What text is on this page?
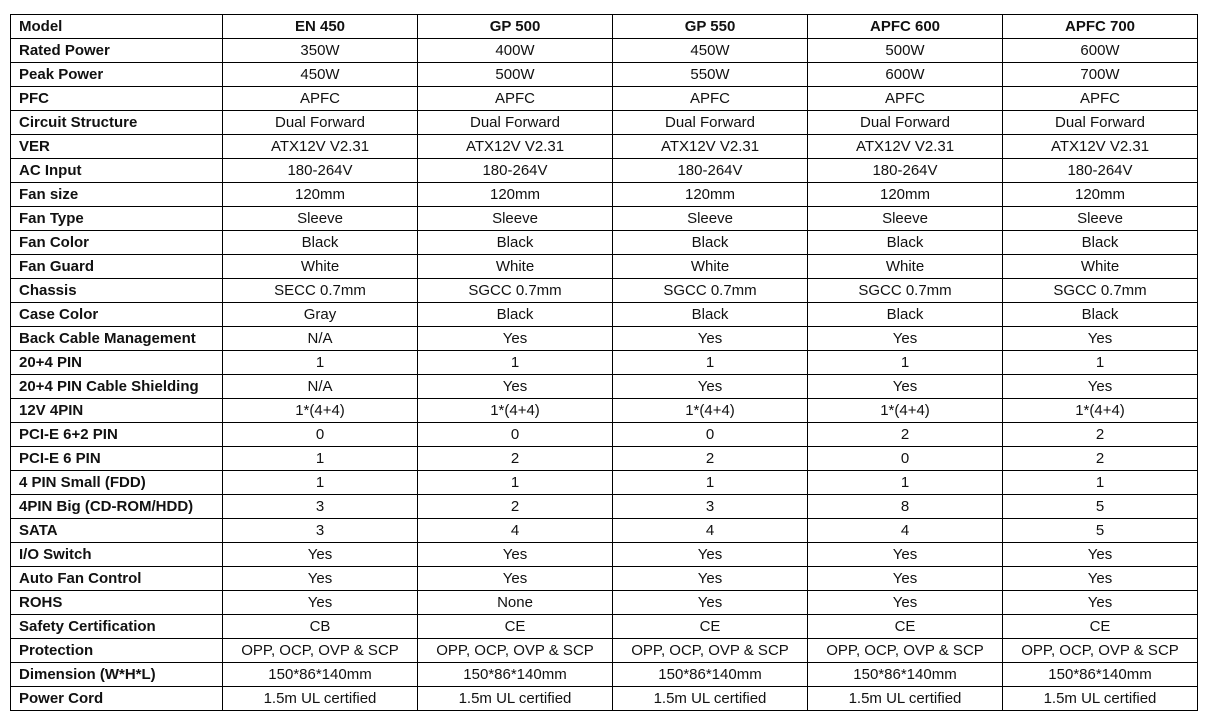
Model	EN 450	GP 500	GP 550	APFC 600	APFC 700
Rated Power	350W	400W	450W	500W	600W
Peak Power	450W	500W	550W	600W	700W
PFC	APFC	APFC	APFC	APFC	APFC
Circuit Structure	Dual Forward	Dual Forward	Dual Forward	Dual Forward	Dual Forward
VER	ATX12V V2.31	ATX12V V2.31	ATX12V V2.31	ATX12V V2.31	ATX12V V2.31
AC Input	180-264V	180-264V	180-264V	180-264V	180-264V
Fan size	120mm	120mm	120mm	120mm	120mm
Fan Type	Sleeve	Sleeve	Sleeve	Sleeve	Sleeve
Fan Color	Black	Black	Black	Black	Black
Fan Guard	White	White	White	White	White
Chassis	SECC 0.7mm	SGCC 0.7mm	SGCC 0.7mm	SGCC 0.7mm	SGCC 0.7mm
Case Color	Gray	Black	Black	Black	Black
Back Cable Management	N/A	Yes	Yes	Yes	Yes
20+4 PIN	1	1	1	1	1
20+4 PIN Cable Shielding	N/A	Yes	Yes	Yes	Yes
12V 4PIN	1*(4+4)	1*(4+4)	1*(4+4)	1*(4+4)	1*(4+4)
PCI-E 6+2 PIN	0	0	0	2	2
PCI-E 6 PIN	1	2	2	0	2
4 PIN Small (FDD)	1	1	1	1	1
4PIN Big (CD-ROM/HDD)	3	2	3	8	5
SATA	3	4	4	4	5
I/O Switch	Yes	Yes	Yes	Yes	Yes
Auto Fan Control	Yes	Yes	Yes	Yes	Yes
ROHS	Yes	None	Yes	Yes	Yes
Safety Certification	CB	CE	CE	CE	CE
Protection	OPP, OCP, OVP & SCP	OPP, OCP, OVP & SCP	OPP, OCP, OVP & SCP	OPP, OCP, OVP & SCP	OPP, OCP, OVP & SCP
Dimension (W*H*L)	150*86*140mm	150*86*140mm	150*86*140mm	150*86*140mm	150*86*140mm
Power Cord	1.5m UL certified	1.5m UL certified	1.5m UL certified	1.5m UL certified	1.5m UL certified
